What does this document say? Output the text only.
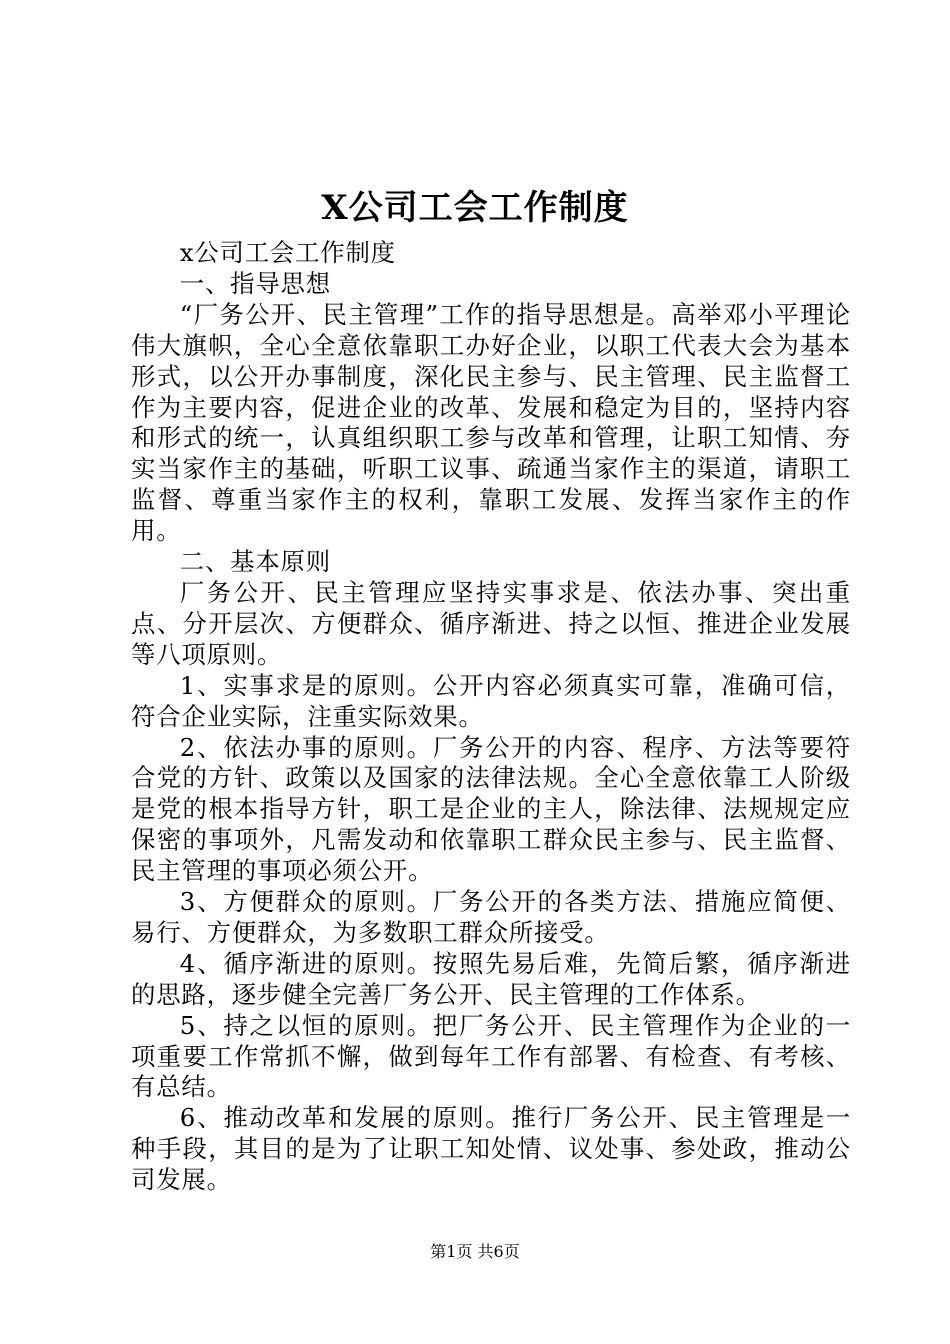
X公司工会工作制度

x公司工会工作制度

一、指导思想

“厂务公开、民主管理”工作的指导思想是。高举邓小平理论伟大旗帜，全心全意依靠职工办好企业，以职工代表大会为基本形式，以公开办事制度，深化民主参与、民主管理、民主监督工作为主要内容，促进企业的改革、发展和稳定为目的，坚持内容和形式的统一，认真组织职工参与改革和管理，让职工知情、夯实当家作主的基础，听职工议事、疏通当家作主的渠道，请职工监督、尊重当家作主的权利，靠职工发展、发挥当家作主的作用。

二、基本原则

厂务公开、民主管理应坚持实事求是、依法办事、突出重点、分开层次、方便群众、循序渐进、持之以恒、推进企业发展等八项原则。

1、实事求是的原则。公开内容必须真实可靠，准确可信，符合企业实际，注重实际效果。

2、依法办事的原则。厂务公开的内容、程序、方法等要符合党的方针、政策以及国家的法律法规。全心全意依靠工人阶级是党的根本指导方针，职工是企业的主人，除法律、法规规定应保密的事项外，凡需发动和依靠职工群众民主参与、民主监督、民主管理的事项必须公开。

3、方便群众的原则。厂务公开的各类方法、措施应简便、易行、方便群众，为多数职工群众所接受。

4、循序渐进的原则。按照先易后难，先简后繁，循序渐进的思路，逐步健全完善厂务公开、民主管理的工作体系。

5、持之以恒的原则。把厂务公开、民主管理作为企业的一项重要工作常抓不懈，做到每年工作有部署、有检查、有考核、有总结。

6、推动改革和发展的原则。推行厂务公开、民主管理是一种手段，其目的是为了让职工知处情、议处事、参处政，推动公司发展。

第1页 共6页
